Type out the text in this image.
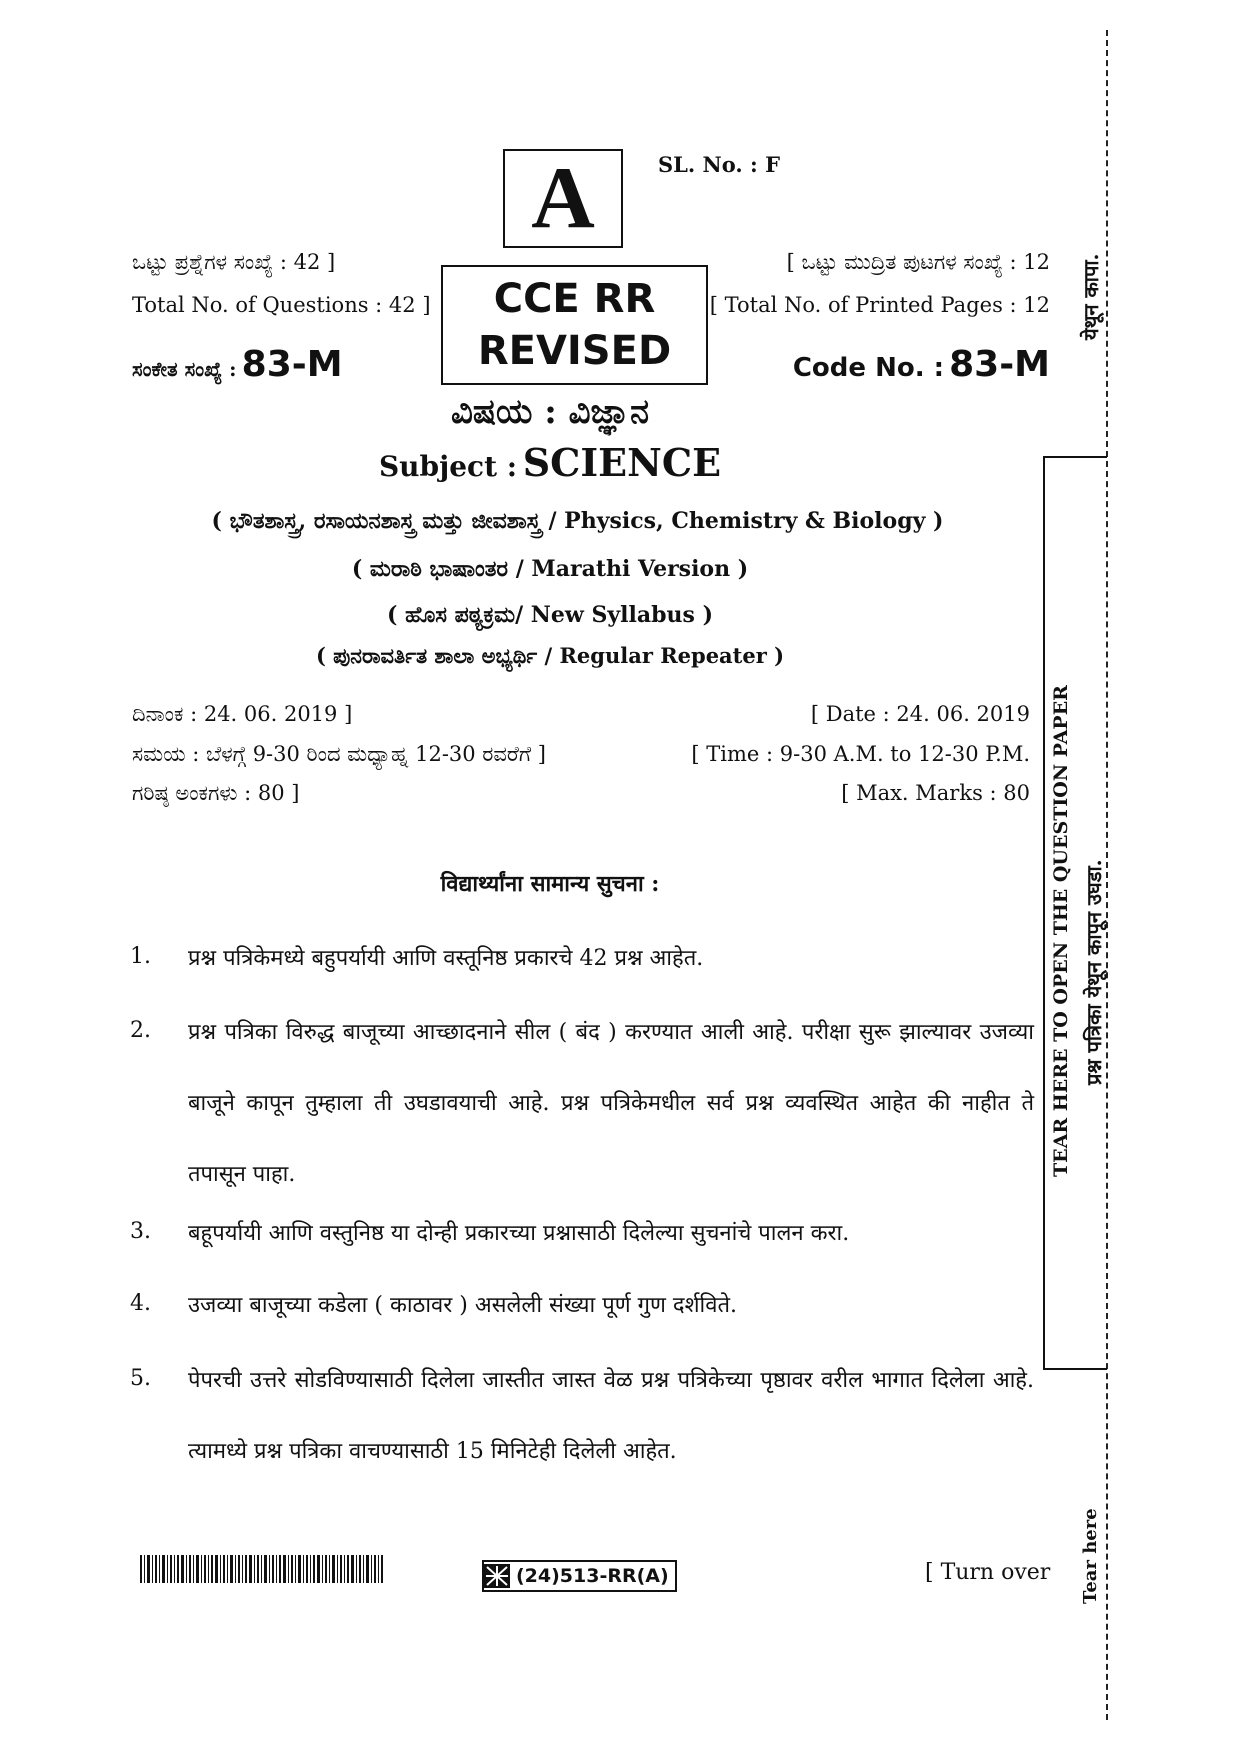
A	SL. No. : F
CCE RR
REVISED
ಒಟ್ಟು ಪ್ರಶ್ನೆಗಳ ಸಂಖ್ಯೆ : 42 ]
Total No. of Questions : 42 ]
ಸಂಕೇತ ಸಂಖ್ಯೆ : 83-M
[ ಒಟ್ಟು ಮುದ್ರಿತ ಪುಟಗಳ ಸಂಖ್ಯೆ : 12
[ Total No. of Printed Pages : 12
Code No. : 83-M
ವಿಷಯ : ವಿಜ್ಞಾನ
Subject : SCIENCE
( ಭೌತಶಾಸ್ತ್ರ, ರಸಾಯನಶಾಸ್ತ್ರ ಮತ್ತು ಜೀವಶಾಸ್ತ್ರ / Physics, Chemistry & Biology )
( ಮರಾಠಿ ಭಾಷಾಂತರ / Marathi Version )
( ಹೊಸ ಪಠ್ಯಕ್ರಮ/ New Syllabus )
( ಪುನರಾವರ್ತಿತ ಶಾಲಾ ಅಭ್ಯರ್ಥಿ / Regular Repeater )
ದಿನಾಂಕ : 24. 06. 2019 ]
ಸಮಯ : ಬೆಳಗ್ಗೆ 9-30 ರಿಂದ ಮಧ್ಯಾಹ್ನ 12-30 ರವರೆಗೆ ]
ಗರಿಷ್ಠ ಅಂಕಗಳು : 80 ]
[ Date : 24. 06. 2019
[ Time : 9-30 A.M. to 12-30 P.M.
[ Max. Marks : 80
विद्यार्थ्यांना सामान्य सुचना :
1. प्रश्न पत्रिकेमध्ये बहुपर्यायी आणि वस्तूनिष्ठ प्रकारचे 42 प्रश्न आहेत.
2. प्रश्न पत्रिका विरुद्ध बाजूच्या आच्छादनाने सील ( बंद ) करण्यात आली आहे. परीक्षा सुरू झाल्यावर उजव्या बाजूने कापून तुम्हाला ती उघडावयाची आहे. प्रश्न पत्रिकेमधील सर्व प्रश्न व्यवस्थित आहेत की नाहीत ते तपासून पाहा.
3. बहूपर्यायी आणि वस्तुनिष्ठ या दोन्ही प्रकारच्या प्रश्नासाठी दिलेल्या सुचनांचे पालन करा.
4. उजव्या बाजूच्या कडेला ( काठावर ) असलेली संख्या पूर्ण गुण दर्शविते.
5. पेपरची उत्तरे सोडविण्यासाठी दिलेला जास्तीत जास्त वेळ प्रश्न पत्रिकेच्या पृष्ठावर वरील भागात दिलेला आहे. त्यामध्ये प्रश्न पत्रिका वाचण्यासाठी 15 मिनिटेही दिलेली आहेत.
येथून कापा.
TEAR HERE TO OPEN THE QUESTION PAPER प्रश्न पत्रिका येथून कापून उघडा.
Tear here
(24)513-RR(A)	[ Turn over
